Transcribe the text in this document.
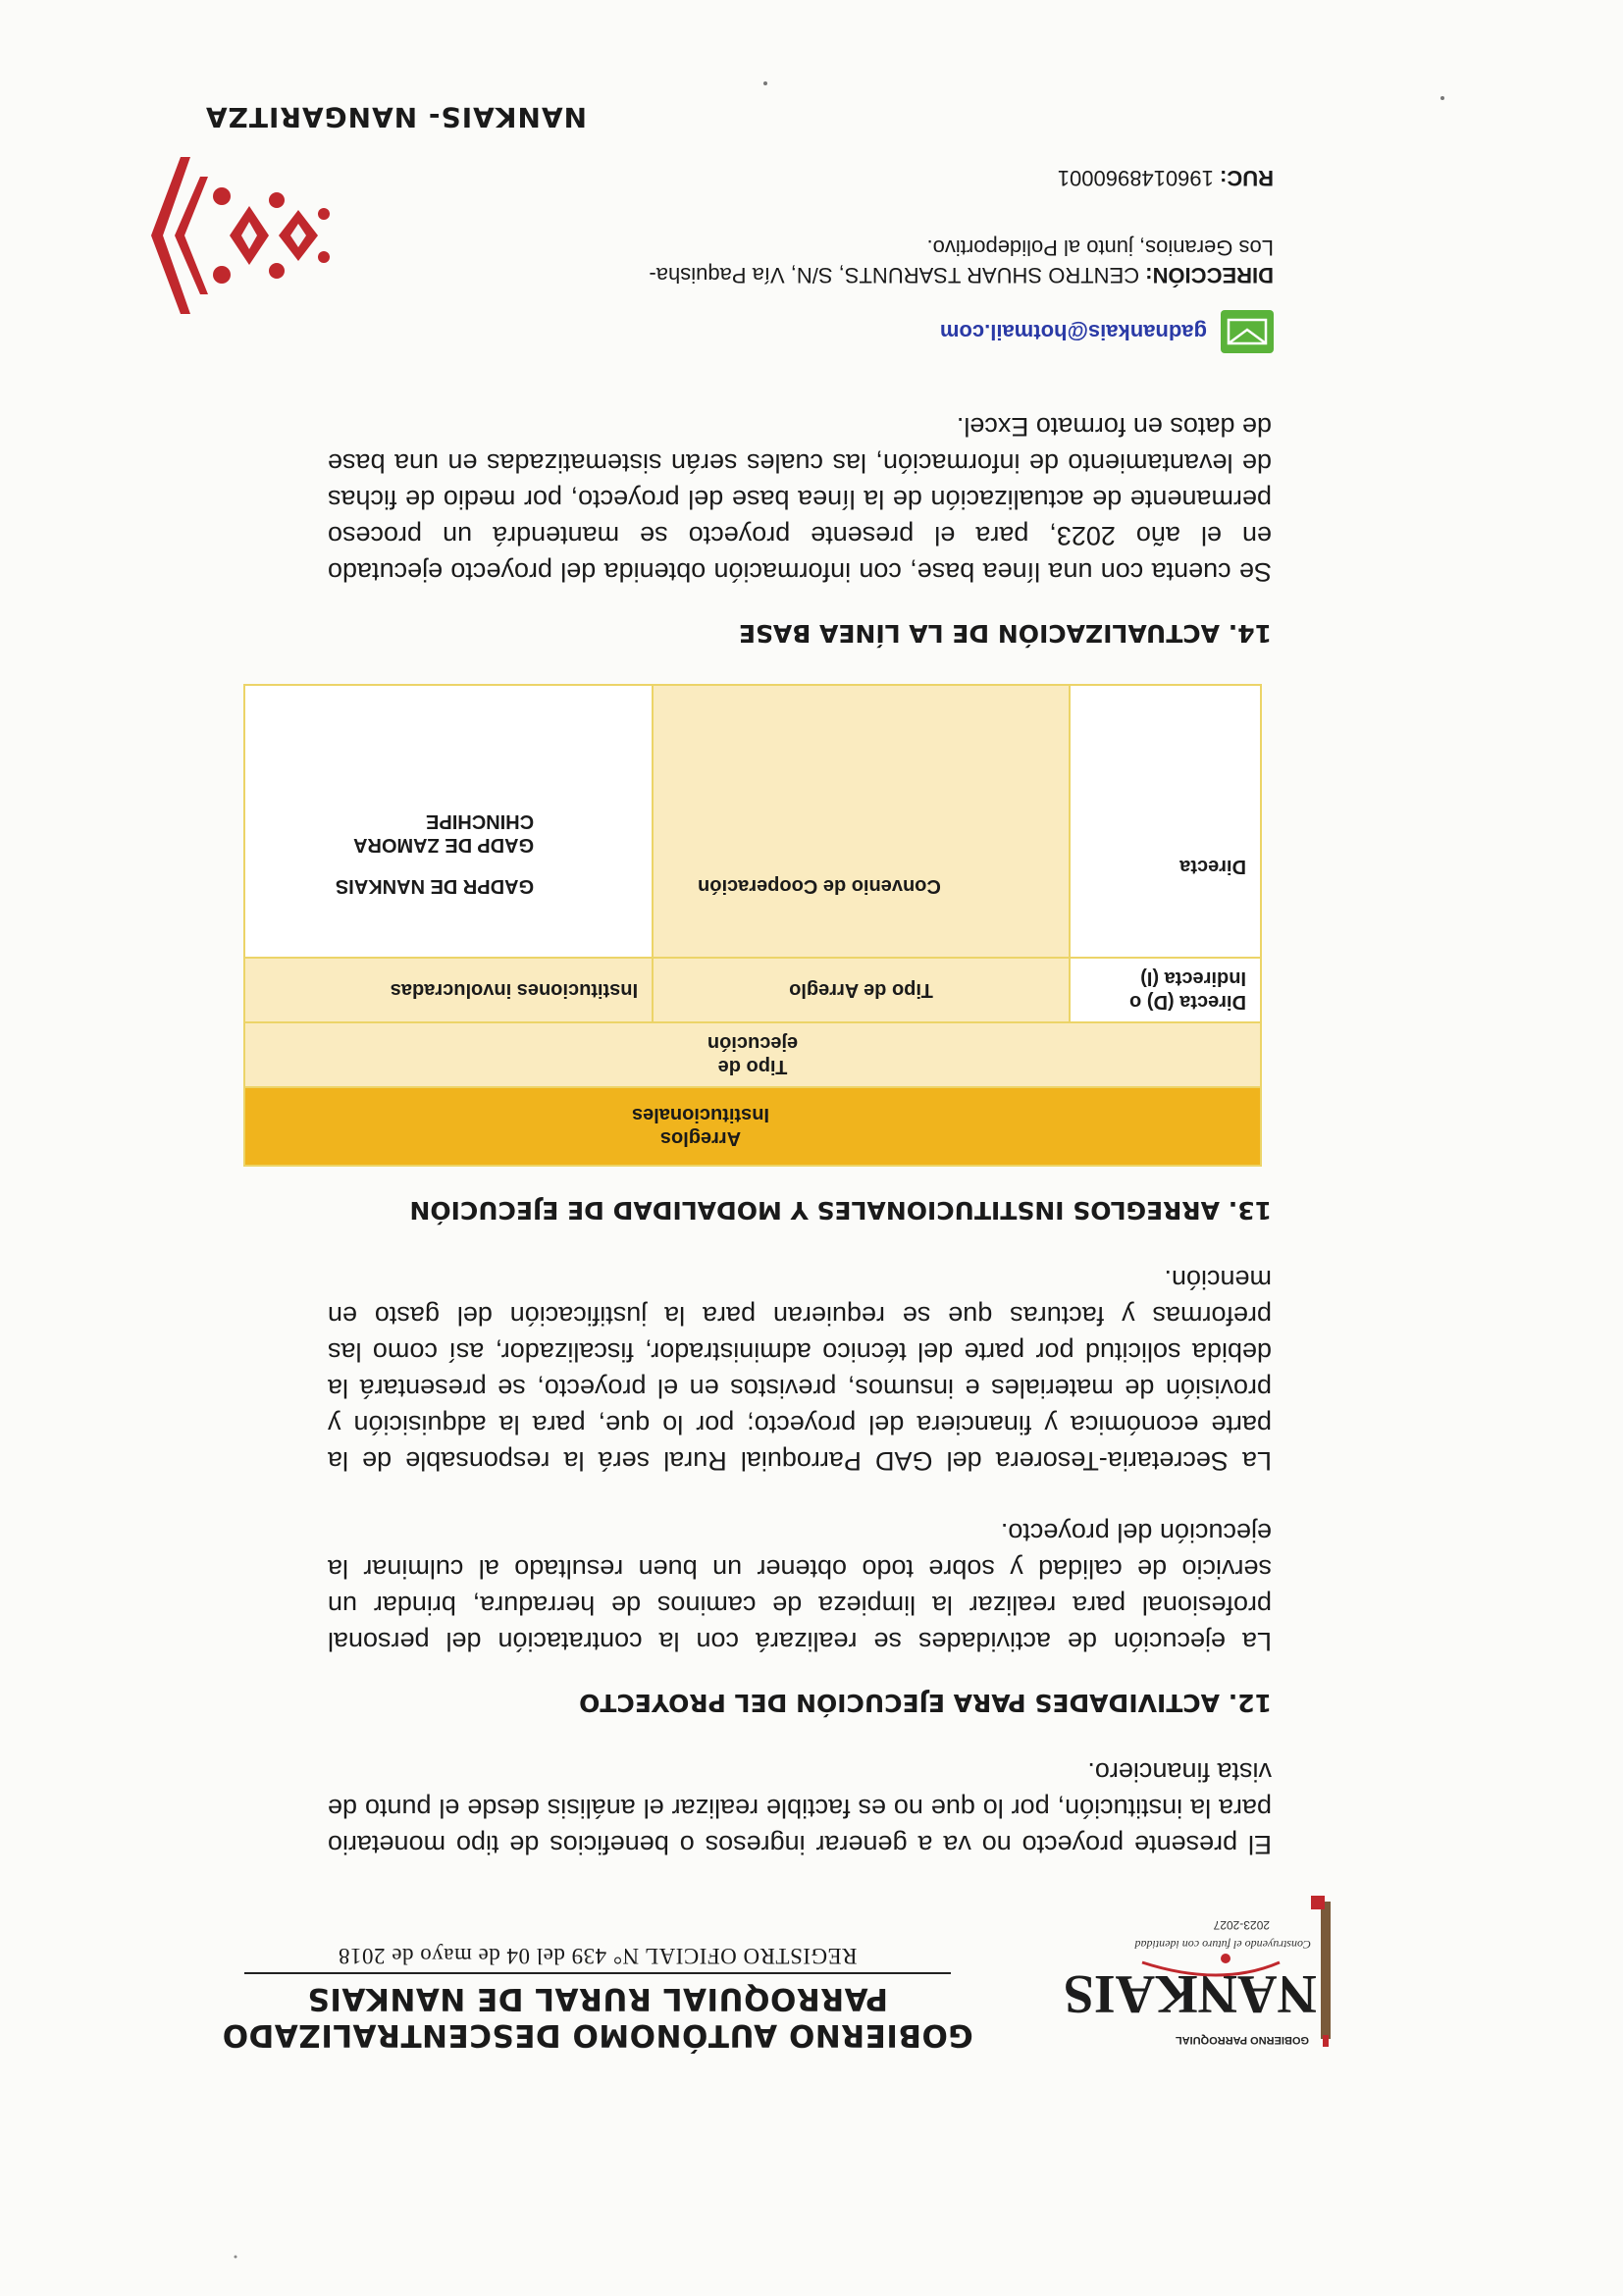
GOBIERNO PARROQUIAL
NANKAIS
Construyendo el futuro con identidad
2023-2027
GOBIERNO AUTÓNOMO DESCENTRALIZADO
PARROQUIAL RURAL DE NANKAIS
REGISTRO OFICIAL N° 439 del 04 de mayo de 2018

El presente proyecto no va a generar ingresos o beneficios de tipo monetario para la institución, por lo que no es factible realizar el análisis desde el punto de vista financiero.

12. ACTIVIDADES PARA EJECUCIÓN DEL PROYECTO

La ejecución de actividades se realizará con la contratación del personal profesional para realizar la limpieza de caminos de herradura, brindar un servicio de calidad y sobre todo obtener un buen resultado al culminar la ejecución del proyecto.

La Secretaria-Tesorera del GAD Parroquial Rural será la responsable de la parte económica y financiera del proyecto; por lo que, para la adquisición y provisión de materiales e insumos, previstos en el proyecto, se presentará la debida solicitud por parte del técnico administrador, fiscalizador, así como las preformas y facturas que se requieran para la justificación del gasto en mención.

13. ARREGLOS INSTITUCIONALES Y MODALIDAD DE EJECUCIÓN
Arreglos
Institucionales		

Tipo de
ejecución		

Directa (D) o Indirecta (I)	Tipo de Arreglo	Instituciones involucradas
Directa	Convenio de Cooperación	GADPR DE NANKAIS
GADP DE ZAMORA CHINCHIPE
14. ACTUALIZACIÓN DE LA LÍNEA BASE

Se cuenta con una línea base, con información obtenida del proyecto ejecutado en el año 2023, para el presente proyecto se mantendrá un proceso permanente de actualización de la línea base del proyecto, por medio de fichas de levantamiento de información, las cuales serán sistematizadas en una base de datos en formato Excel.

gadnankais@hotmail.com
DIRECCIÓN: CENTRO SHUAR TSARUNTS, S/N, Vía Paquisha-Los Geranios, junto al Polideportivo.
RUC: 1960148960001
NANKAIS- NANGARITZA
